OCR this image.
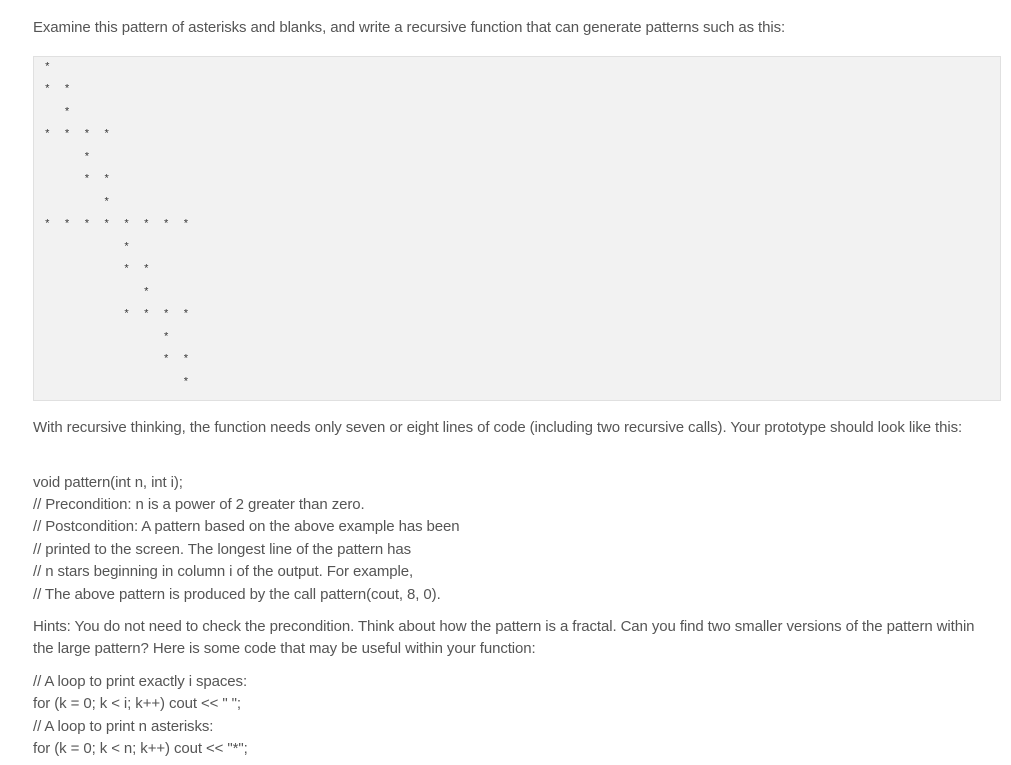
Examine this pattern of asterisks and blanks, and write a recursive function that can generate patterns such as this:

*
*  *
*
*  *  *  *
*
*  *
*
*  *  *  *  *  *  *  *
*
*  *
*
*  *  *  *
*
*  *
*

With recursive thinking, the function needs only seven or eight lines of code (including two recursive calls). Your prototype should look like this:

void pattern(int n, int i);
// Precondition: n is a power of 2 greater than zero.
// Postcondition: A pattern based on the above example has been
// printed to the screen. The longest line of the pattern has
// n stars beginning in column i of the output. For example,
// The above pattern is produced by the call pattern(cout, 8, 0).

Hints: You do not need to check the precondition. Think about how the pattern is a fractal. Can you find two smaller versions of the pattern within the large pattern? Here is some code that may be useful within your function:

// A loop to print exactly i spaces:
for (k = 0; k < i; k++) cout << " ";
// A loop to print n asterisks:
for (k = 0; k < n; k++) cout << "*";
